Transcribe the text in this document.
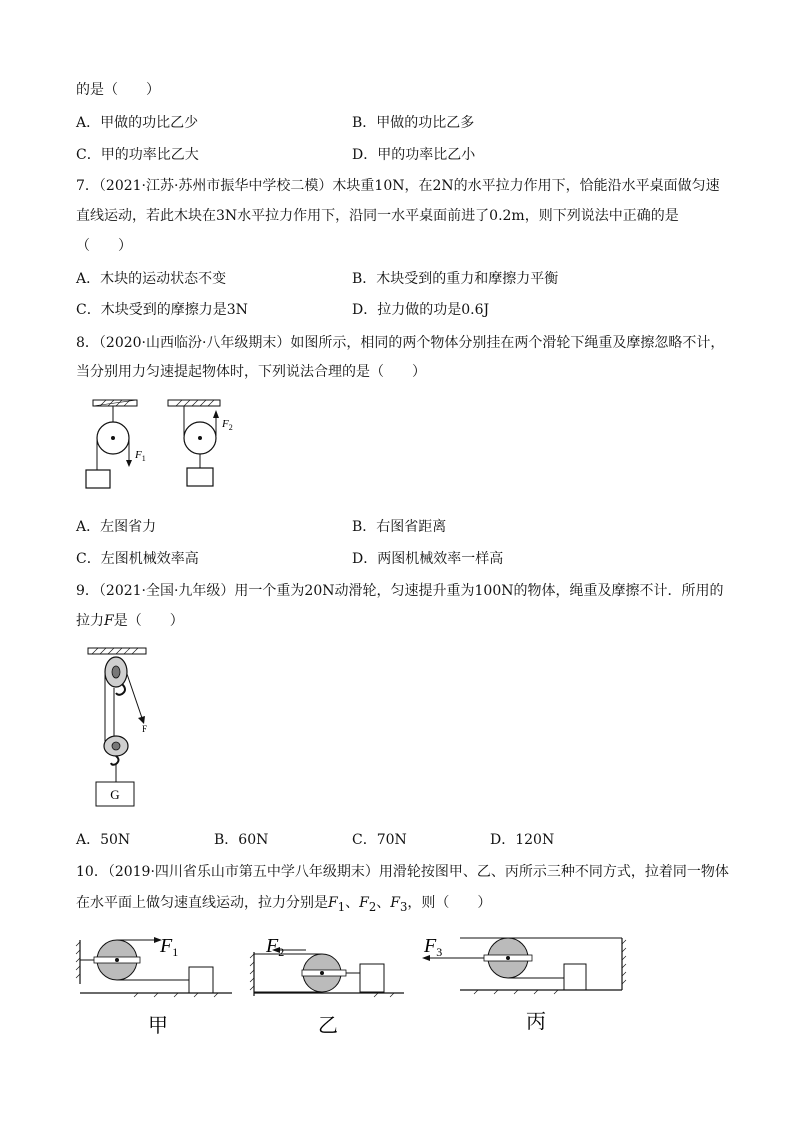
的是（　　）
A．甲做的功比乙少	B．甲做的功比乙多
C．甲的功率比乙大	D．甲的功率比乙小
7．（2021·江苏·苏州市振华中学校二模）木块重10N，在2N的水平拉力作用下，恰能沿水平桌面做匀速
直线运动，若此木块在3N水平拉力作用下，沿同一水平桌面前进了0.2m，则下列说法中正确的是
（　　）
A．木块的运动状态不变	B．木块受到的重力和摩擦力平衡
C．木块受到的摩擦力是3N	D．拉力做的功是0.6J
8．（2020·山西临汾·八年级期末）如图所示，相同的两个物体分别挂在两个滑轮下绳重及摩擦忽略不计，
当分别用力匀速提起物体时，下列说法合理的是（　　）
$F_1$
$F_2$
A．左图省力	B．右图省距离
C．左图机械效率高	D．两图机械效率一样高
9．（2021·全国·九年级）用一个重为20N动滑轮，匀速提升重为100N的物体，绳重及摩擦不计．所用的
拉力F是（　　）
F
G
A．50N	B．60N	C．70N	D．120N
10．（2019·四川省乐山市第五中学八年级期末）用滑轮按图甲、乙、丙所示三种不同方式，拉着同一物体
在水平面上做匀速直线运动，拉力分别是$F_1$、$F_2$、$F_3$，则（　　）
$F_1$
甲
$F_2$
乙
$F_3$
丙
